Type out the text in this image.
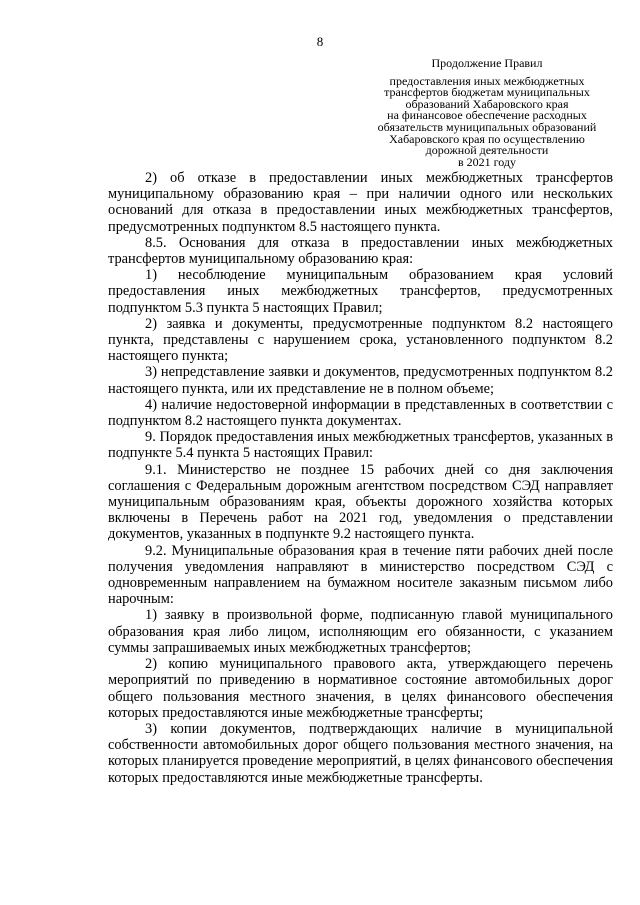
8
Продолжение Правил
предоставления иных межбюджетных
трансфертов бюджетам муниципальных
образований Хабаровского края
на финансовое обеспечение расходных
обязательств муниципальных образований
Хабаровского края по осуществлению
дорожной деятельности
в 2021 году

2) об отказе в предоставлении иных межбюджетных трансфертов муниципальному образованию края – при наличии одного или нескольких оснований для отказа в предоставлении иных межбюджетных трансфертов, предусмотренных подпунктом 8.5 настоящего пункта.

8.5. Основания для отказа в предоставлении иных межбюджетных трансфертов муниципальному образованию края:

1) несоблюдение муниципальным образованием края условий предоставления иных межбюджетных трансфертов, предусмотренных подпунктом 5.3 пункта 5 настоящих Правил;

2) заявка и документы, предусмотренные подпунктом 8.2 настоящего пункта, представлены с нарушением срока, установленного подпунктом 8.2 настоящего пункта;

3) непредставление заявки и документов, предусмотренных подпунктом 8.2 настоящего пункта, или их представление не в полном объеме;

4) наличие недостоверной информации в представленных в соответствии с подпунктом 8.2 настоящего пункта документах.

9. Порядок предоставления иных межбюджетных трансфертов, указанных в подпункте 5.4 пункта 5 настоящих Правил:

9.1. Министерство не позднее 15 рабочих дней со дня заключения соглашения с Федеральным дорожным агентством посредством СЭД направляет муниципальным образованиям края, объекты дорожного хозяйства которых включены в Перечень работ на 2021 год, уведомления о представлении документов, указанных в подпункте 9.2 настоящего пункта.

9.2. Муниципальные образования края в течение пяти рабочих дней после получения уведомления направляют в министерство посредством СЭД с одновременным направлением на бумажном носителе заказным письмом либо нарочным:

1) заявку в произвольной форме, подписанную главой муниципального образования края либо лицом, исполняющим его обязанности, с указанием суммы запрашиваемых иных межбюджетных трансфертов;

2) копию муниципального правового акта, утверждающего перечень мероприятий по приведению в нормативное состояние автомобильных дорог общего пользования местного значения, в целях финансового обеспечения которых предоставляются иные межбюджетные трансферты;

3) копии документов, подтверждающих наличие в муниципальной собственности автомобильных дорог общего пользования местного значения, на которых планируется проведение мероприятий, в целях финансового обеспечения которых предоставляются иные межбюджетные трансферты.
